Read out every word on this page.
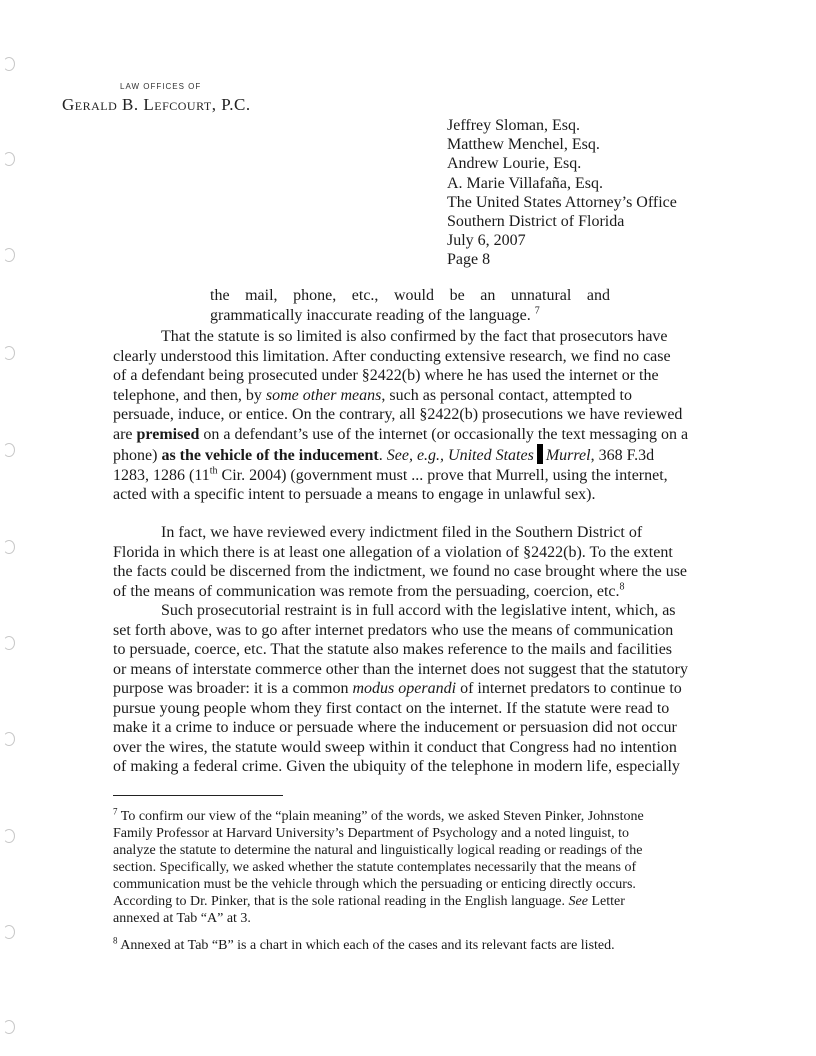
LAW OFFICES OF
Gerald B. Lefcourt, P.C.
Jeffrey Sloman, Esq.
Matthew Menchel, Esq.
Andrew Lourie, Esq.
A. Marie Villafaña, Esq.
The United States Attorney’s Office
Southern District of Florida
July 6, 2007
Page 8
the mail, phone, etc., would be an unnatural and
grammatically inaccurate reading of the language. $^7$
That the statute is so limited is also confirmed by the fact that prosecutors have
clearly understood this limitation. After conducting extensive research, we find no case
of a defendant being prosecuted under §2422(b) where he has used the internet or the
telephone, and then, by some other means, such as personal contact, attempted to
persuade, induce, or entice. On the contrary, all §2422(b) prosecutions we have reviewed
are premised on a defendant’s use of the internet (or occasionally the text messaging on a
phone) as the vehicle of the inducement. See, e.g., United States Murrel, 368 F.3d
1283, 1286 (11th Cir. 2004) (government must ... prove that Murrell, using the internet,
acted with a specific intent to persuade a means to engage in unlawful sex).
In fact, we have reviewed every indictment filed in the Southern District of
Florida in which there is at least one allegation of a violation of §2422(b). To the extent
the facts could be discerned from the indictment, we found no case brought where the use
of the means of communication was remote from the persuading, coercion, etc.$^8$
Such prosecutorial restraint is in full accord with the legislative intent, which, as
set forth above, was to go after internet predators who use the means of communication
to persuade, coerce, etc. That the statute also makes reference to the mails and facilities
or means of interstate commerce other than the internet does not suggest that the statutory
purpose was broader: it is a common modus operandi of internet predators to continue to
pursue young people whom they first contact on the internet. If the statute were read to
make it a crime to induce or persuade where the inducement or persuasion did not occur
over the wires, the statute would sweep within it conduct that Congress had no intention
of making a federal crime. Given the ubiquity of the telephone in modern life, especially
$^7$ To confirm our view of the “plain meaning” of the words, we asked Steven Pinker, Johnstone
Family Professor at Harvard University’s Department of Psychology and a noted linguist, to
analyze the statute to determine the natural and linguistically logical reading or readings of the
section. Specifically, we asked whether the statute contemplates necessarily that the means of
communication must be the vehicle through which the persuading or enticing directly occurs.
According to Dr. Pinker, that is the sole rational reading in the English language. See Letter
annexed at Tab “A” at 3.
$^8$ Annexed at Tab “B” is a chart in which each of the cases and its relevant facts are listed.
